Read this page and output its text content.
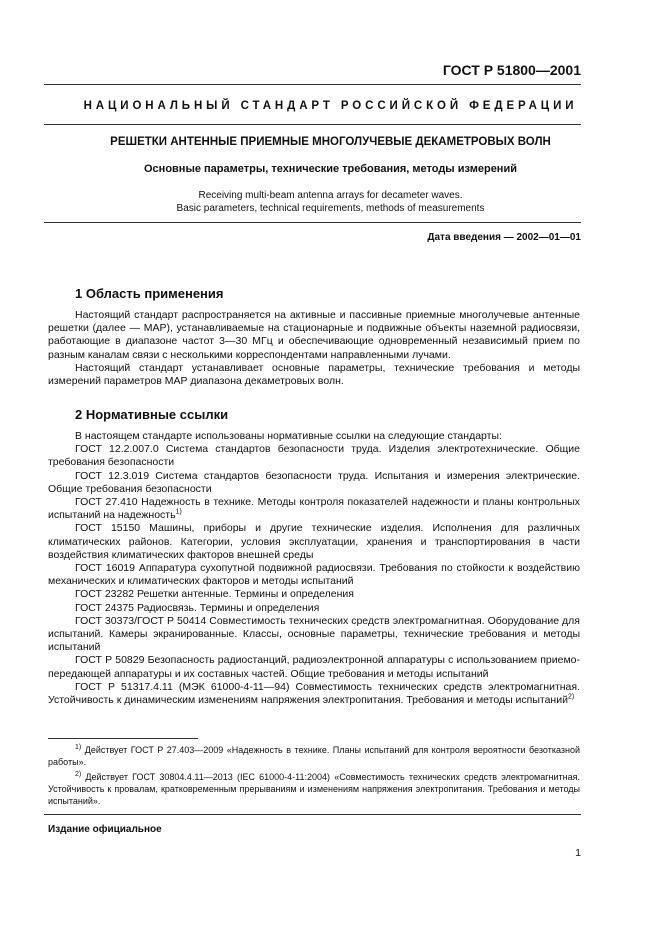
ГОСТ Р 51800—2001
НАЦИОНАЛЬНЫЙ СТАНДАРТ РОССИЙСКОЙ ФЕДЕРАЦИИ
РЕШЕТКИ АНТЕННЫЕ ПРИЕМНЫЕ МНОГОЛУЧЕВЫЕ ДЕКАМЕТРОВЫХ ВОЛН
Основные параметры, технические требования, методы измерений
Receiving multi-beam antenna arrays for decameter waves.
Basic parameters, technical requirements, methods of measurements
Дата введения — 2002—01—01
1 Область применения

Настоящий стандарт распространяется на активные и пассивные приемные многолучевые антенные решетки (далее — МАР), устанавливаемые на стационарные и подвижные объекты наземной радиосвязи, работающие в диапазоне частот 3—30 МГц и обеспечивающие одновременный независимый прием по разным каналам связи с несколькими корреспондентами направленными лучами.

Настоящий стандарт устанавливает основные параметры, технические требования и методы измерений параметров МАР диапазона декаметровых волн.

2 Нормативные ссылки

В настоящем стандарте использованы нормативные ссылки на следующие стандарты:

ГОСТ 12.2.007.0 Система стандартов безопасности труда. Изделия электротехнические. Общие требования безопасности

ГОСТ 12.3.019 Система стандартов безопасности труда. Испытания и измерения электрические. Общие требования безопасности

ГОСТ 27.410 Надежность в технике. Методы контроля показателей надежности и планы контрольных испытаний на надежность$^{1)}$

ГОСТ 15150 Машины, приборы и другие технические изделия. Исполнения для различных климатических районов. Категории, условия эксплуатации, хранения и транспортирования в части воздействия климатических факторов внешней среды

ГОСТ 16019 Аппаратура сухопутной подвижной радиосвязи. Требования по стойкости к воздействию механических и климатических факторов и методы испытаний

ГОСТ 23282 Решетки антенные. Термины и определения

ГОСТ 24375 Радиосвязь. Термины и определения

ГОСТ 30373/ГОСТ Р 50414 Совместимость технических средств электромагнитная. Оборудование для испытаний. Камеры экранированные. Классы, основные параметры, технические требования и методы испытаний

ГОСТ Р 50829 Безопасность радиостанций, радиоэлектронной аппаратуры с использованием приемо-передающей аппаратуры и их составных частей. Общие требования и методы испытаний

ГОСТ Р 51317.4.11 (МЭК 61000-4-11—94) Совместимость технических средств электромагнитная. Устойчивость к динамическим изменениям напряжения электропитания. Требования и методы испытаний$^{2)}$

$^{1)}$ Действует ГОСТ Р 27.403—2009 «Надежность в технике. Планы испытаний для контроля вероятности безотказной работы».

$^{2)}$ Действует ГОСТ 30804.4.11—2013 (IEC 61000-4-11:2004) «Совместимость технических средств электромагнитная. Устойчивость к провалам, кратковременным прерываниям и изменениям напряжения электропитания. Требования и методы испытаний».

Издание официальное
1
